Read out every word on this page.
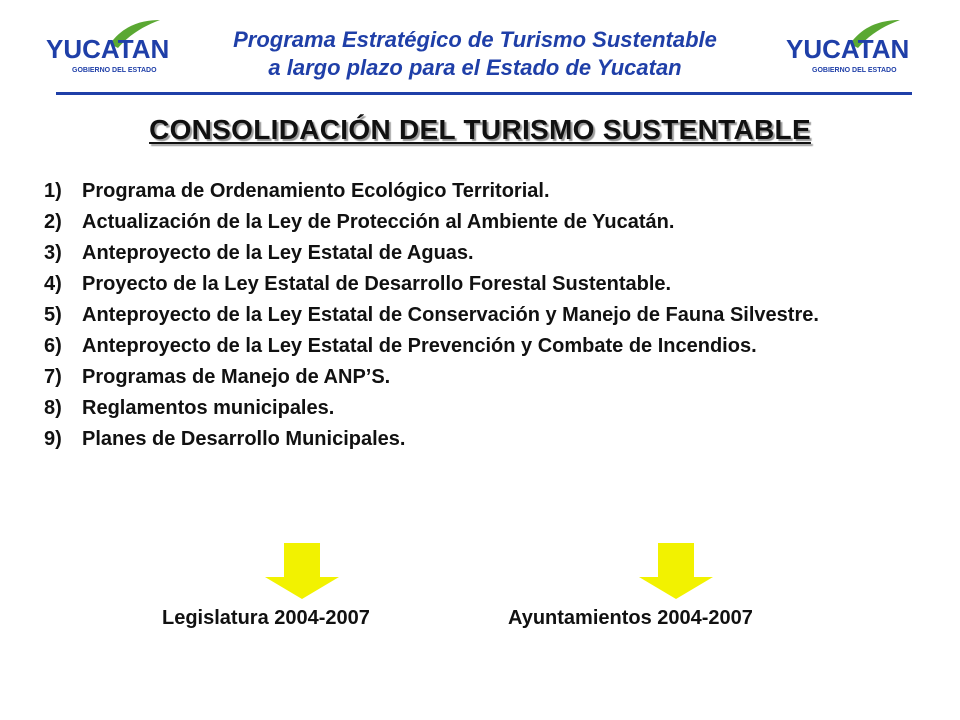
YUCATAN
GOBIERNO DEL ESTADO
Programa Estratégico de Turismo Sustentable
a largo plazo para el Estado de Yucatan
YUCATAN
GOBIERNO DEL ESTADO
CONSOLIDACIÓN DEL TURISMO SUSTENTABLE
1)	Programa de Ordenamiento Ecológico Territorial.
2)	Actualización de la Ley de Protección al Ambiente de Yucatán.
3)	Anteproyecto de la Ley Estatal de Aguas.
4)	Proyecto de la Ley Estatal de Desarrollo Forestal Sustentable.
5)	Anteproyecto de la Ley Estatal de Conservación y Manejo de Fauna Silvestre.
6)	Anteproyecto de la Ley Estatal de Prevención y Combate de Incendios.
7)	Programas de Manejo de ANP’S.
8)	Reglamentos municipales.
9)	Planes de Desarrollo Municipales.
Legislatura 2004-2007	Ayuntamientos 2004-2007
